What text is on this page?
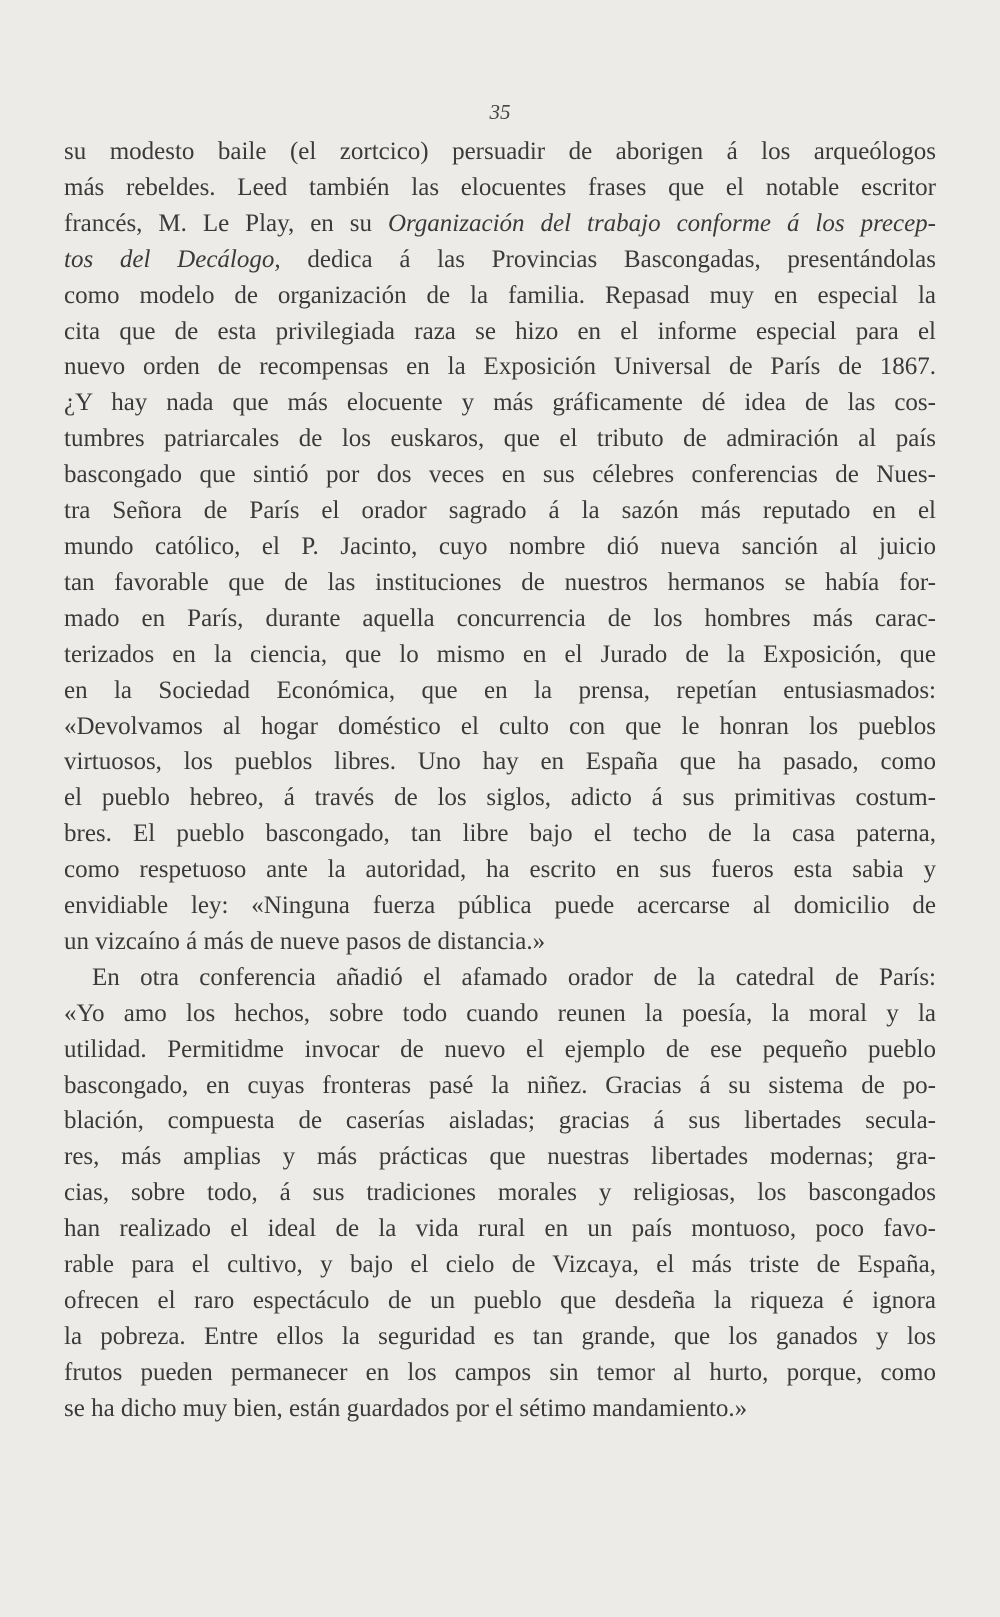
35
su modesto baile (el zortcico) persuadir de aborigen á los arqueólogos
más rebeldes. Leed también las elocuentes frases que el notable escritor
francés, M. Le Play, en su Organización del trabajo conforme á los precep-
tos del Decálogo, dedica á las Provincias Bascongadas, presentándolas
como modelo de organización de la familia. Repasad muy en especial la
cita que de esta privilegiada raza se hizo en el informe especial para el
nuevo orden de recompensas en la Exposición Universal de París de 1867.
¿Y hay nada que más elocuente y más gráficamente dé idea de las cos-
tumbres patriarcales de los euskaros, que el tributo de admiración al país
bascongado que sintió por dos veces en sus célebres conferencias de Nues-
tra Señora de París el orador sagrado á la sazón más reputado en el
mundo católico, el P. Jacinto, cuyo nombre dió nueva sanción al juicio
tan favorable que de las instituciones de nuestros hermanos se había for-
mado en París, durante aquella concurrencia de los hombres más carac-
terizados en la ciencia, que lo mismo en el Jurado de la Exposición, que
en la Sociedad Económica, que en la prensa, repetían entusiasmados:
«Devolvamos al hogar doméstico el culto con que le honran los pueblos
virtuosos, los pueblos libres. Uno hay en España que ha pasado, como
el pueblo hebreo, á través de los siglos, adicto á sus primitivas costum-
bres. El pueblo bascongado, tan libre bajo el techo de la casa paterna,
como respetuoso ante la autoridad, ha escrito en sus fueros esta sabia y
envidiable ley: «Ninguna fuerza pública puede acercarse al domicilio de
un vizcaíno á más de nueve pasos de distancia.»
En otra conferencia añadió el afamado orador de la catedral de París:
«Yo amo los hechos, sobre todo cuando reunen la poesía, la moral y la
utilidad. Permitidme invocar de nuevo el ejemplo de ese pequeño pueblo
bascongado, en cuyas fronteras pasé la niñez. Gracias á su sistema de po-
blación, compuesta de caserías aisladas; gracias á sus libertades secula-
res, más amplias y más prácticas que nuestras libertades modernas; gra-
cias, sobre todo, á sus tradiciones morales y religiosas, los bascongados
han realizado el ideal de la vida rural en un país montuoso, poco favo-
rable para el cultivo, y bajo el cielo de Vizcaya, el más triste de España,
ofrecen el raro espectáculo de un pueblo que desdeña la riqueza é ignora
la pobreza. Entre ellos la seguridad es tan grande, que los ganados y los
frutos pueden permanecer en los campos sin temor al hurto, porque, como
se ha dicho muy bien, están guardados por el sétimo mandamiento.»
